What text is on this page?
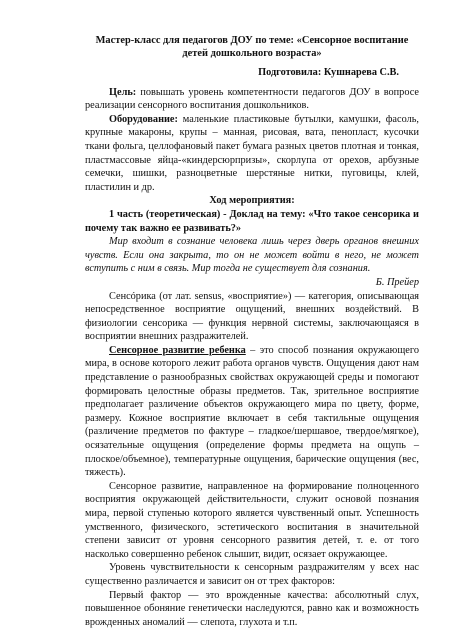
Мастер-класс для педагогов ДОУ по теме: «Сенсорное воспитание детей дошкольного возраста»
Подготовила: Кушнарева С.В.

Цель: повышать уровень компетентности педагогов ДОУ в вопросе реализации сенсорного воспитания дошкольников.

Оборудование: маленькие пластиковые бутылки, камушки, фасоль, крупные макароны, крупы – манная, рисовая, вата, пенопласт, кусочки ткани фольга, целлофановый пакет бумага разных цветов плотная и тонкая, пластмассовые яйца-«киндерсюрпризы», скорлупа от орехов, арбузные семечки, шишки, разноцветные шерстяные нитки, пуговицы, клей, пластилин и др.

Ход мероприятия:

1 часть (теоретическая) - Доклад на тему: «Что такое сенсорика и почему так важно ее развивать?»

Мир входит в сознание человека лишь через дверь органов внешних чувств. Если она закрыта, то он не может войти в него, не может вступить с ним в связь. Мир тогда не существует для сознания.

Б. Прейер

Сенсóрика (от лат. sensus, «восприятие») — категория, описывающая непосредственное восприятие ощущений, внешних воздействий. В физиологии сенсорика — функция нервной системы, заключающаяся в восприятии внешних раздражителей.

Сенсорное развитие ребенка – это способ познания окружающего мира, в основе которого лежит работа органов чувств. Ощущения дают нам представление о разнообразных свойствах окружающей среды и помогают формировать целостные образы предметов. Так, зрительное восприятие предполагает различение объектов окружающего мира по цвету, форме, размеру. Кожное восприятие включает в себя тактильные ощущения (различение предметов по фактуре – гладкое/шершавое, твердое/мягкое), осязательные ощущения (определение формы предмета на ощупь – плоское/объемное), температурные ощущения, барические ощущения (вес, тяжесть).

Сенсорное развитие, направленное на формирование полноценного восприятия окружающей действительности, служит основой познания мира, первой ступенью которого является чувственный опыт. Успешность умственного, физического, эстетического воспитания в значительной степени зависит от уровня сенсорного развития детей, т. е. от того насколько совершенно ребенок слышит, видит, осязает окружающее.

Уровень чувствительности к сенсорным раздражителям у всех нас существенно различается и зависит он от трех факторов:

Первый фактор — это врожденные качества: абсолютный слух, повышенное обоняние генетически наследуются, равно как и возможность врожденных аномалий — слепота, глухота и т.п.
